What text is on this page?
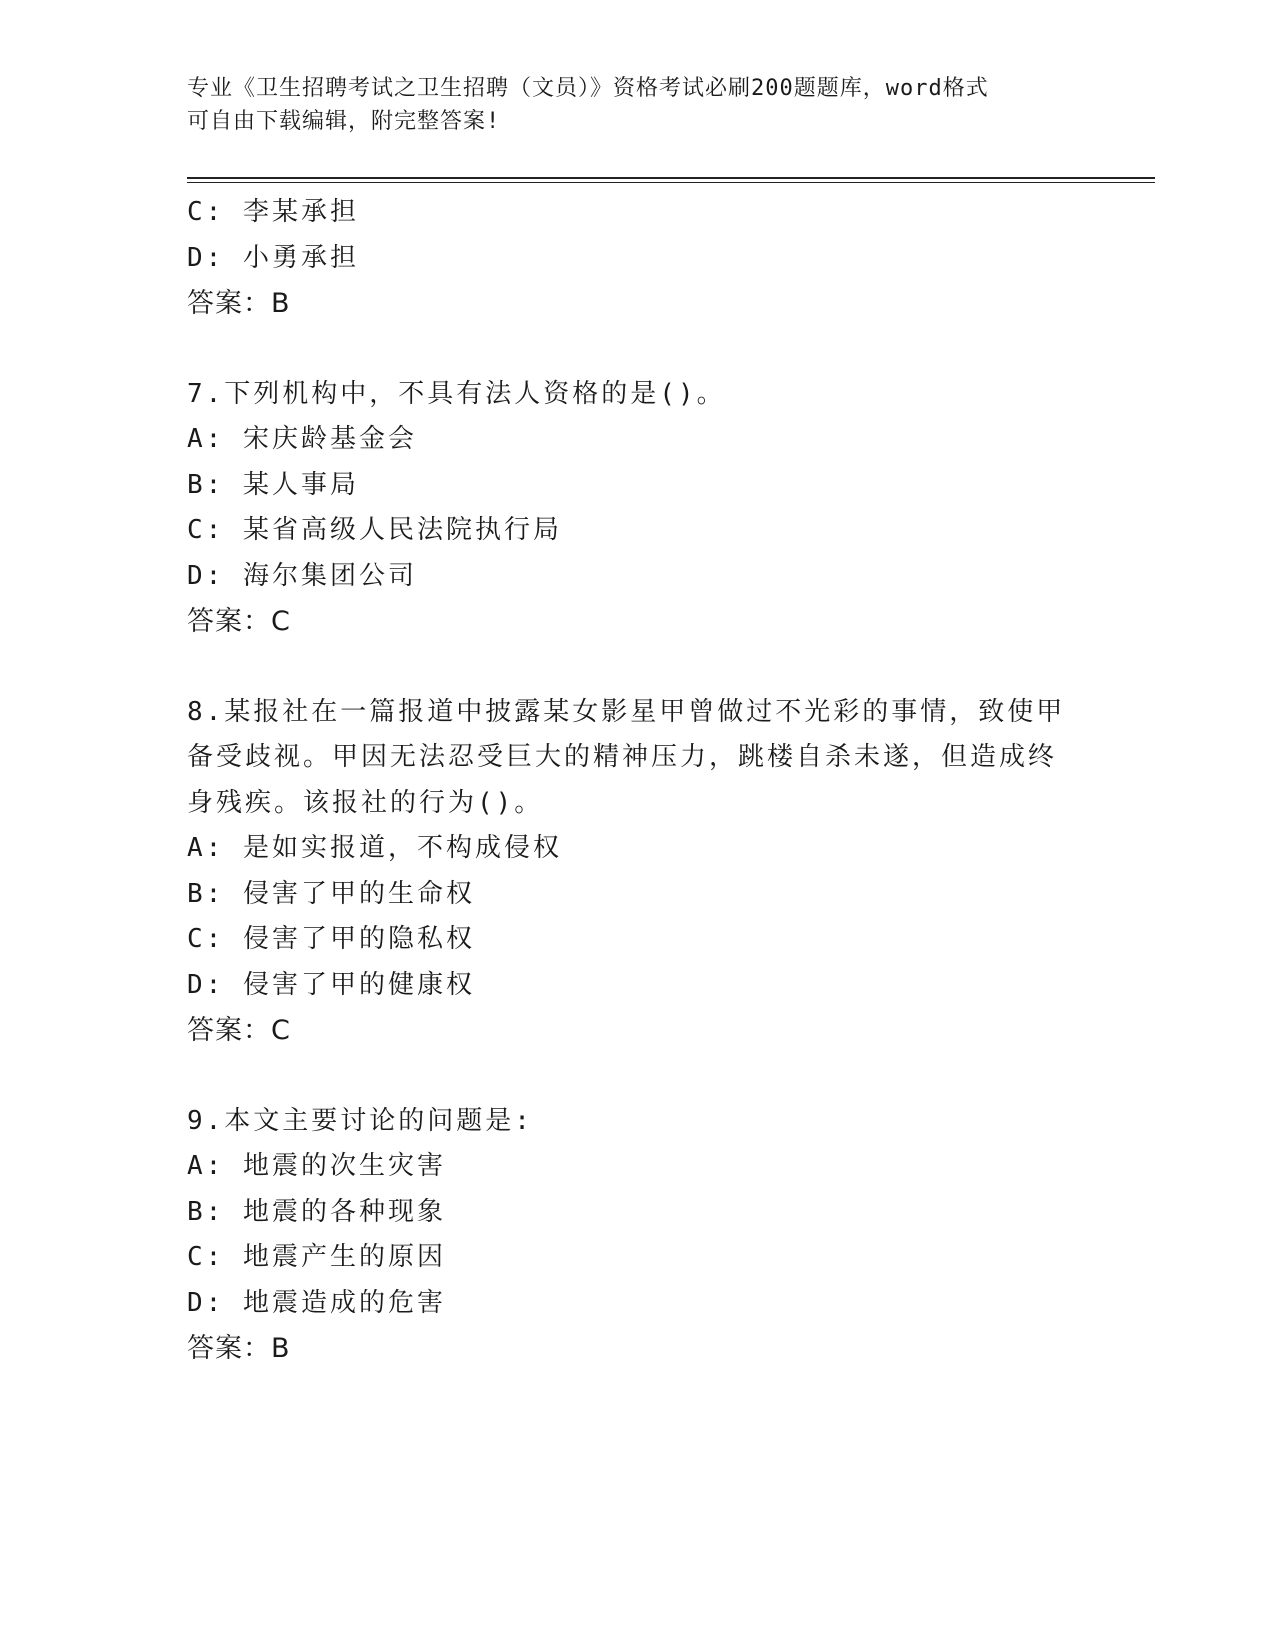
专业《卫生招聘考试之卫生招聘（文员）》资格考试必刷200题题库，word格式
可自由下载编辑，附完整答案!
C: 李某承担
D: 小勇承担
答案：B
7.下列机构中，不具有法人资格的是()。
A: 宋庆龄基金会
B: 某人事局
C: 某省高级人民法院执行局
D: 海尔集团公司
答案：C
8.某报社在一篇报道中披露某女影星甲曾做过不光彩的事情，致使甲
备受歧视。甲因无法忍受巨大的精神压力，跳楼自杀未遂，但造成终
身残疾。该报社的行为()。
A: 是如实报道，不构成侵权
B: 侵害了甲的生命权
C: 侵害了甲的隐私权
D: 侵害了甲的健康权
答案：C
9.本文主要讨论的问题是:
A: 地震的次生灾害
B: 地震的各种现象
C: 地震产生的原因
D: 地震造成的危害
答案：B
